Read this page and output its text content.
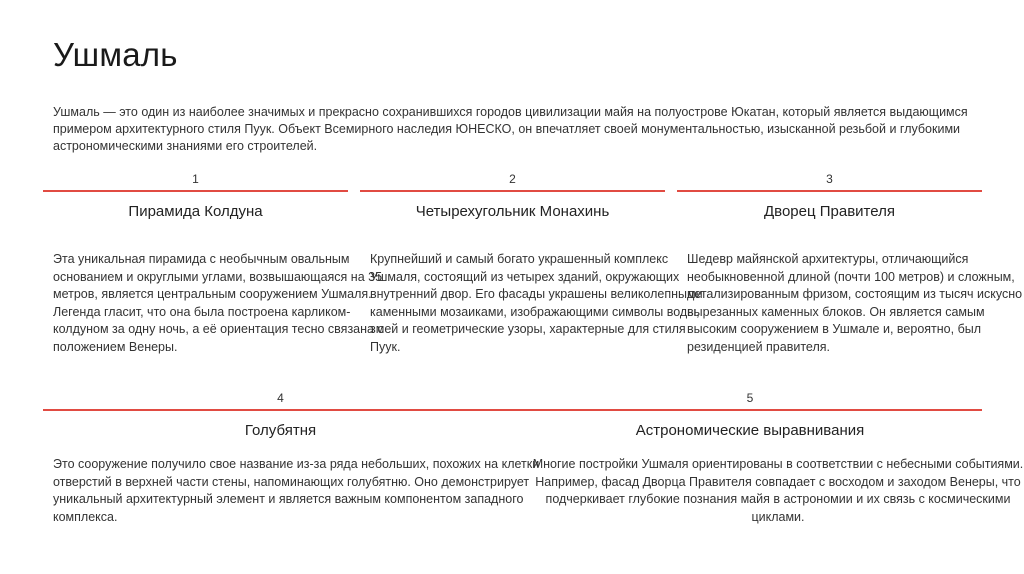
Ушмаль
Ушмаль — это один из наиболее значимых и прекрасно сохранившихся городов цивилизации майя на полуострове Юкатан, который является выдающимся примером архитектурного стиля Пуук. Объект Всемирного наследия ЮНЕСКО, он впечатляет своей монументальностью, изысканной резьбой и глубокими астрономическими знаниями его строителей.
1
Пирамида Колдуна
Эта уникальная пирамида с необычным овальным
основанием и округлыми углами, возвышающаяся на 35
метров, является центральным сооружением Ушмаля.
Легенда гласит, что она была построена карликом-
колдуном за одну ночь, а её ориентация тесно связана с
положением Венеры.
2
Четырехугольник Монахинь
Крупнейший и самый богато украшенный комплекс
Ушмаля, состоящий из четырех зданий, окружающих
внутренний двор. Его фасады украшены великолепными
каменными мозаиками, изображающими символы воды,
змей и геометрические узоры, характерные для стиля
Пуук.
3
Дворец Правителя
Шедевр майянской архитектуры, отличающийся
необыкновенной длиной (почти 100 метров) и сложным,
детализированным фризом, состоящим из тысяч искусно
вырезанных каменных блоков. Он является самым
высоким сооружением в Ушмале и, вероятно, был
резиденцией правителя.
4
Голубятня
Это сооружение получило свое название из-за ряда небольших, похожих на клетки
отверстий в верхней части стены, напоминающих голубятню. Оно демонстрирует
уникальный архитектурный элемент и является важным компонентом западного
комплекса.
5
Астрономические выравнивания
Многие постройки Ушмаля ориентированы в соответствии с небесными событиями.
Например, фасад Дворца Правителя совпадает с восходом и заходом Венеры, что
подчеркивает глубокие познания майя в астрономии и их связь с космическими
циклами.
